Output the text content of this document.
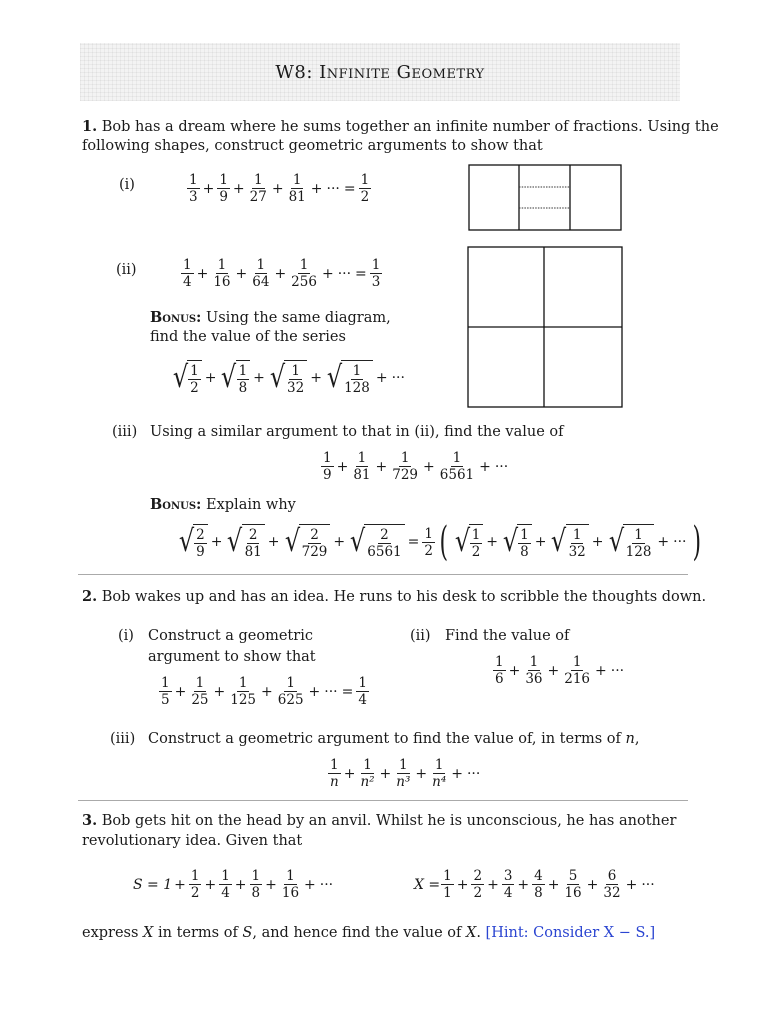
W8: Infinite Geometry
1. Bob has a dream where he sums together an infinite number of fractions. Using the
following shapes, construct geometric arguments to show that
(i)	$\frac{1}{3} + \frac{1}{9} + \frac{1}{27} + \frac{1}{81}$ + ··· = $\frac{1}{2}$
(ii)	$\frac{1}{4} + \frac{1}{16} + \frac{1}{64} + \frac{1}{256}$ + ··· = $\frac{1}{3}$
Bonus: Using the same diagram,
find the value of the series
√ $\frac{1}{2}$ + √ $\frac{1}{8}$ + √ $\frac{1}{32}$ + √ $\frac{1}{128}$ + ···
(iii) Using a similar argument to that in (ii), find the value of
$\frac{1}{9} + \frac{1}{81} + \frac{1}{729} + \frac{1}{6561}$ + ···
Bonus: Explain why
√ $\frac{2}{9}$ + √ $\frac{2}{81}$ + √ $\frac{2}{729}$ + √ $\frac{2}{6561} = \frac{1}{2}$ ( √ $\frac{1}{2}$ + √ $\frac{1}{8}$ + √ $\frac{1}{32}$ + √ $\frac{1}{128}$ + ··· )
2. Bob wakes up and has an idea. He runs to his desk to scribble the thoughts down.
(i) Construct a geometric
argument to show that
$\frac{1}{5} + \frac{1}{25} + \frac{1}{125} + \frac{1}{625}$ + ··· = $\frac{1}{4}$
(ii) Find the value of
$\frac{1}{6} + \frac{1}{36} + \frac{1}{216}$ + ···
(iii) Construct a geometric argument to find the value of, in terms of n,
$\frac{1}{n} + \frac{1}{\text{n²}} + \frac{1}{\text{n³}} + \frac{1}{\text{n⁴}}$ + ···
3. Bob gets hit on the head by an anvil. Whilst he is unconscious, he has another
revolutionary idea. Given that
$S = 1 + \frac{1}{2} + \frac{1}{4} + \frac{1}{8} + \frac{1}{16}$ + ···	$X = \frac{1}{1} + \frac{2}{2} + \frac{3}{4} + \frac{4}{8} + \frac{5}{16} + \frac{6}{32}$ + ···
express X in terms of S, and hence find the value of X. [Hint: Consider X − S.]
